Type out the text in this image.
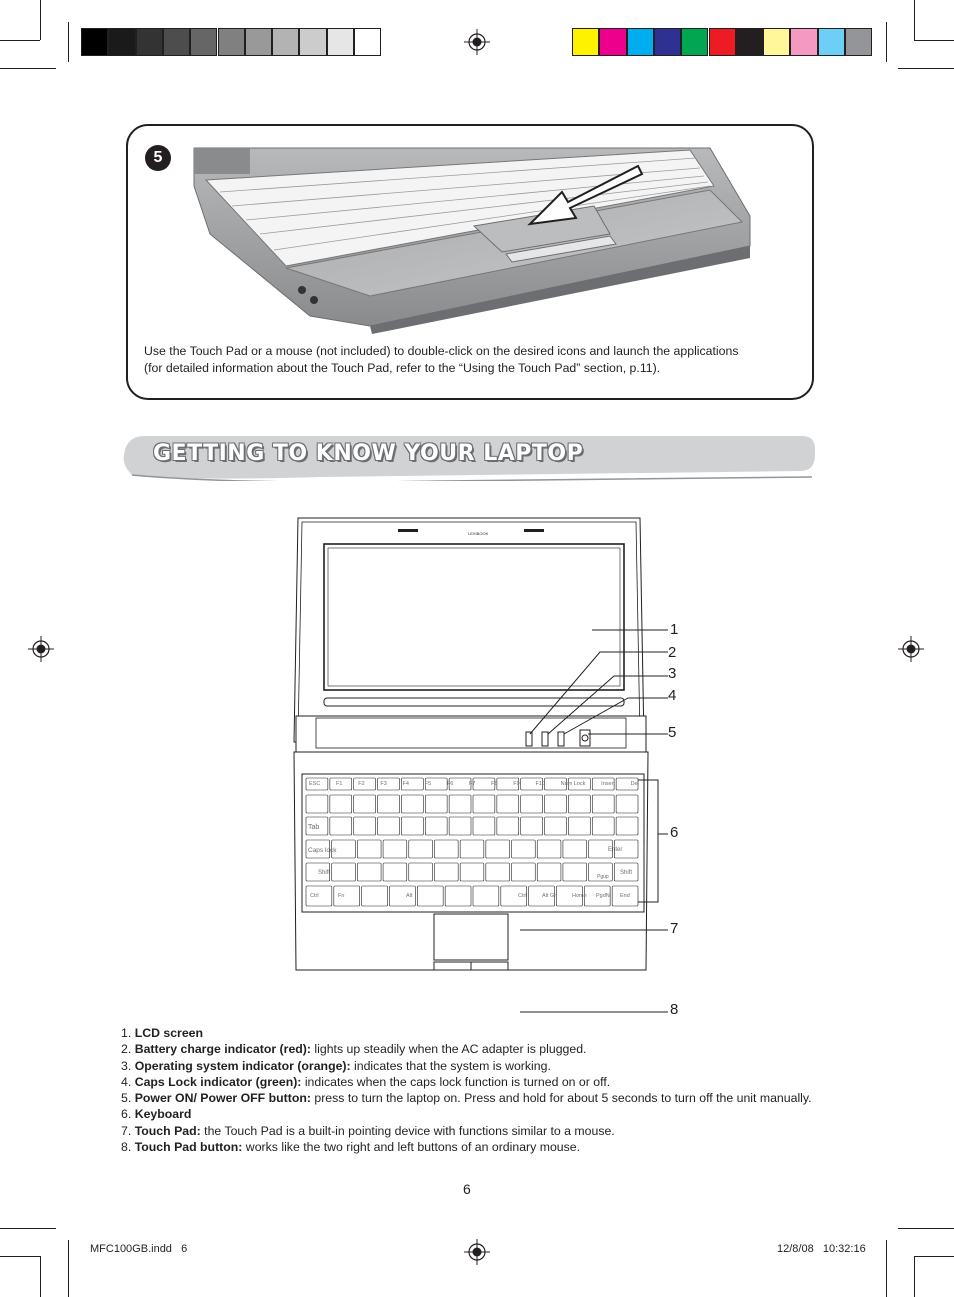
5
Use the Touch Pad or a mouse (not included) to double-click on the desired icons and launch the applications
(for detailed information about the Touch Pad, refer to the “Using the Touch Pad” section, p.11).
GETTING TO KNOW YOUR LAPTOP
ESC	F1	F2	F3	F4	F5	F6	F7	F8	F9	F10	Num Lock	Insert	Del
Tab
Caps lock	Enter
Shift	Shift
Pgup
Ctrl	Fn	Alt	Ctrl	Alt Gr	Home PgdN End
LEXIBOOK
1
2
3
4
5
6
7
8
1. LCD screen
2. Battery charge indicator (red): lights up steadily when the AC adapter is plugged.
3. Operating system indicator (orange): indicates that the system is working.
4. Caps Lock indicator (green): indicates when the caps lock function is turned on or off.
5. Power ON/ Power OFF button: press to turn the laptop on. Press and hold for about 5 seconds to turn off the unit manually.
6. Keyboard
7. Touch Pad: the Touch Pad is a built-in pointing device with functions similar to a mouse.
8. Touch Pad button: works like the two right and left buttons of an ordinary mouse.
6
MFC100GB.indd   6	12/8/08   10:32:16
